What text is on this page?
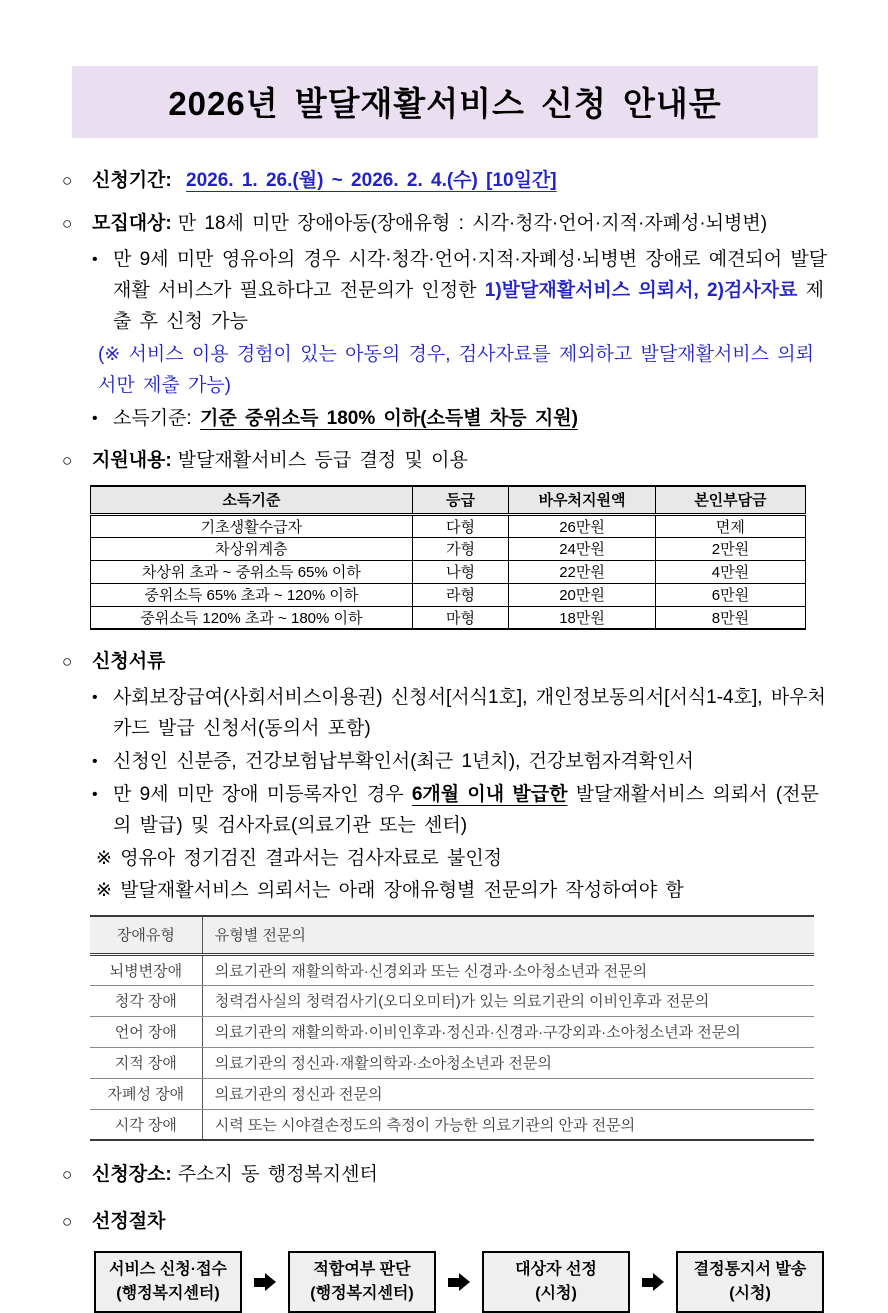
2026년 발달재활서비스 신청 안내문
○	신청기간: 2026. 1. 26.(월) ~ 2026. 2. 4.(수) [10일간]
○	모집대상: 만 18세 미만 장애아동(장애유형 : 시각·청각·언어·지적·자폐성·뇌병변)
• 만 9세 미만 영유아의 경우 시각·청각·언어·지적·자폐성·뇌병변 장애로 예견되어 발달재활 서비스가 필요하다고 전문의가 인정한 1)발달재활서비스 의뢰서, 2)검사자료 제출 후 신청 가능
(※ 서비스 이용 경험이 있는 아동의 경우, 검사자료를 제외하고 발달재활서비스 의뢰서만 제출 가능)
• 소득기준: 기준 중위소득 180% 이하(소득별 차등 지원)
○	지원내용: 발달재활서비스 등급 결정 및 이용
소득기준	등급	바우처지원액	본인부담금
기초생활수급자	다형	26만원	면제
차상위계층	가형	24만원	2만원
차상위 초과 ~ 중위소득 65% 이하	나형	22만원	4만원
중위소득 65% 초과 ~ 120% 이하	라형	20만원	6만원
중위소득 120% 초과 ~ 180% 이하	마형	18만원	8만원
○	신청서류
• 사회보장급여(사회서비스이용권) 신청서[서식1호], 개인정보동의서[서식1-4호], 바우처카드 발급 신청서(동의서 포함)
• 신청인 신분증, 건강보험납부확인서(최근 1년치), 건강보험자격확인서
• 만 9세 미만 장애 미등록자인 경우 6개월 이내 발급한 발달재활서비스 의뢰서 (전문의 발급) 및 검사자료(의료기관 또는 센터)
※ 영유아 정기검진 결과서는 검사자료로 불인정
※ 발달재활서비스 의뢰서는 아래 장애유형별 전문의가 작성하여야 함
장애유형	유형별 전문의
뇌병변장애	의료기관의 재활의학과·신경외과 또는 신경과·소아청소년과 전문의
청각 장애	청력검사실의 청력검사기(오디오미터)가 있는 의료기관의 이비인후과 전문의
언어 장애	의료기관의 재활의학과·이비인후과·정신과·신경과·구강외과·소아청소년과 전문의
지적 장애	의료기관의 정신과·재활의학과·소아청소년과 전문의
자폐성 장애	의료기관의 정신과 전문의
시각 장애	시력 또는 시야결손정도의 측정이 가능한 의료기관의 안과 전문의
○	신청장소: 주소지 동 행정복지센터
○	선정절차
서비스 신청·접수
(행정복지센터)
적합여부 판단
(행정복지센터)
대상자 선정
(시청)
결정통지서 발송
(시청)
